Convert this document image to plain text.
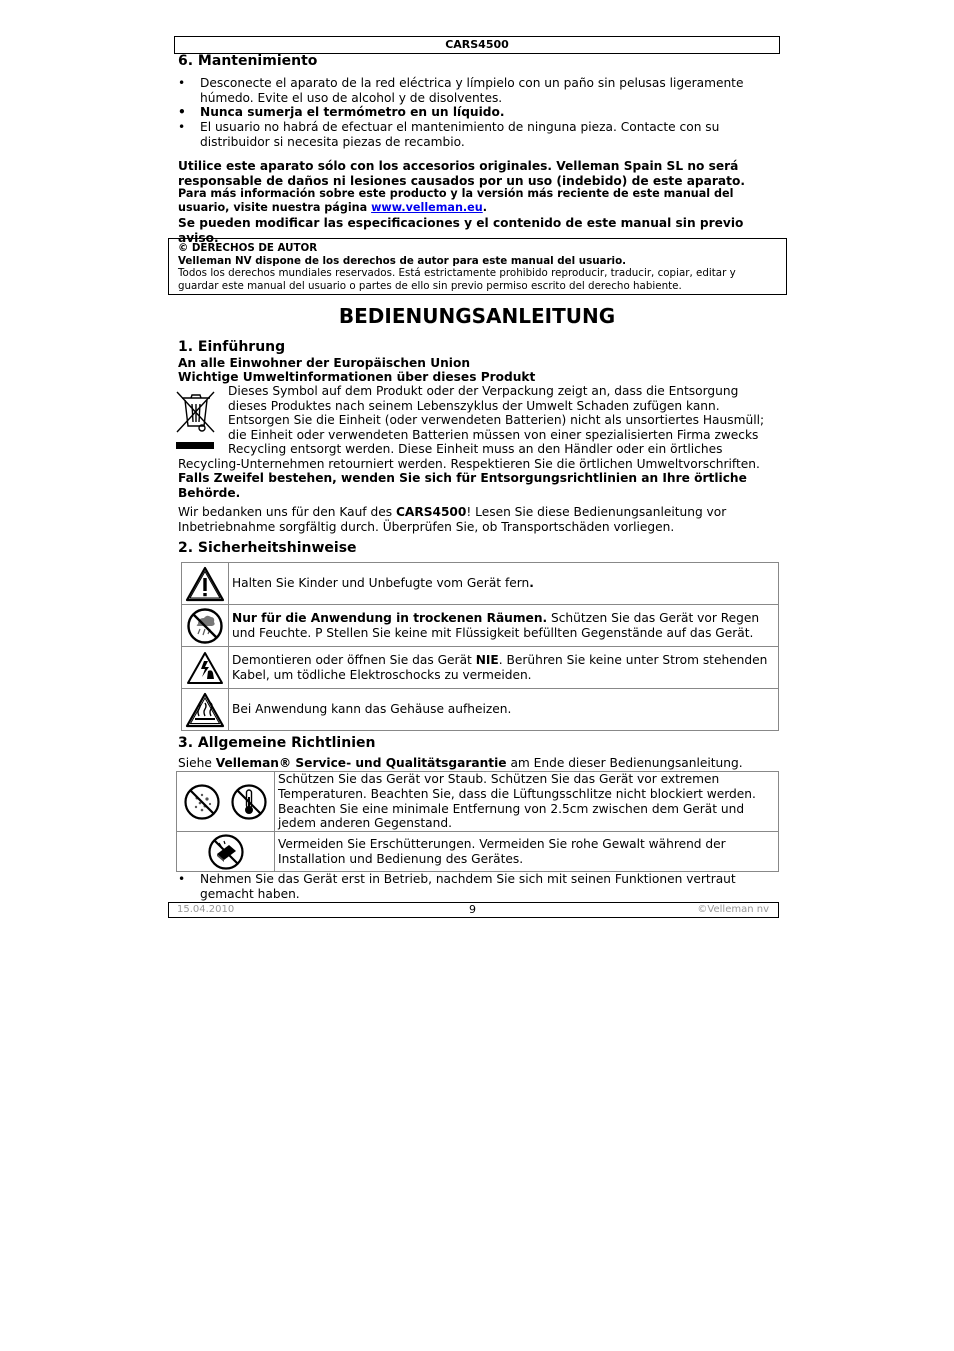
CARS4500
6. Mantenimiento
• Desconecte el aparato de la red eléctrica y límpielo con un paño sin pelusas ligeramente húmedo. Evite el uso de alcohol y de disolventes.
• Nunca sumerja el termómetro en un líquido.
• El usuario no habrá de efectuar el mantenimiento de ninguna pieza. Contacte con su distribuidor si necesita piezas de recambio.
Utilice este aparato sólo con los accesorios originales. Velleman Spain SL no será responsable de daños ni lesiones causados por un uso (indebido) de este aparato.
Para más información sobre este producto y la versión más reciente de este manual del usuario, visite nuestra página www.velleman.eu.
Se pueden modificar las especificaciones y el contenido de este manual sin previo aviso.
© DERECHOS DE AUTOR
Velleman NV dispone de los derechos de autor para este manual del usuario.
Todos los derechos mundiales reservados. Está estrictamente prohibido reproducir, traducir, copiar, editar y guardar este manual del usuario o partes de ello sin previo permiso escrito del derecho habiente.
BEDIENUNGSANLEITUNG
1. Einführung
An alle Einwohner der Europäischen Union
Wichtige Umweltinformationen über dieses Produkt
Dieses Symbol auf dem Produkt oder der Verpackung zeigt an, dass die Entsorgung
dieses Produktes nach seinem Lebenszyklus der Umwelt Schaden zufügen kann.
Entsorgen Sie die Einheit (oder verwendeten Batterien) nicht als unsortiertes Hausmüll;
die Einheit oder verwendeten Batterien müssen von einer spezialisierten Firma zwecks
Recycling entsorgt werden. Diese Einheit muss an den Händler oder ein örtliches
Recycling-Unternehmen retourniert werden. Respektieren Sie die örtlichen Umweltvorschriften.
Falls Zweifel bestehen, wenden Sie sich für Entsorgungsrichtlinien an Ihre örtliche Behörde.
Wir bedanken uns für den Kauf des CARS4500! Lesen Sie diese Bedienungsanleitung vor Inbetriebnahme sorgfältig durch. Überprüfen Sie, ob Transportschäden vorliegen.
2. Sicherheitshinweise
	Halten Sie Kinder und Unbefugte vom Gerät fern.

	Nur für die Anwendung in trockenen Räumen. Schützen Sie das Gerät vor Regen und Feuchte. P Stellen Sie keine mit Flüssigkeit befüllten Gegenstände auf das Gerät.

	Demontieren oder öffnen Sie das Gerät NIE. Berühren Sie keine unter Strom stehenden Kabel, um tödliche Elektroschocks zu vermeiden.

	Bei Anwendung kann das Gehäuse aufheizen.
3. Allgemeine Richtlinien
Siehe Velleman® Service- und Qualitätsgarantie am Ende dieser Bedienungsanleitung.
	Schützen Sie das Gerät vor Staub. Schützen Sie das Gerät vor extremen Temperaturen. Beachten Sie, dass die Lüftungsschlitze nicht blockiert werden. Beachten Sie eine minimale Entfernung von 2.5cm zwischen dem Gerät und jedem anderen Gegenstand.

	Vermeiden Sie Erschütterungen. Vermeiden Sie rohe Gewalt während der Installation und Bedienung des Gerätes.
• Nehmen Sie das Gerät erst in Betrieb, nachdem Sie sich mit seinen Funktionen vertraut gemacht haben.
15.04.2010	9	©Velleman nv
